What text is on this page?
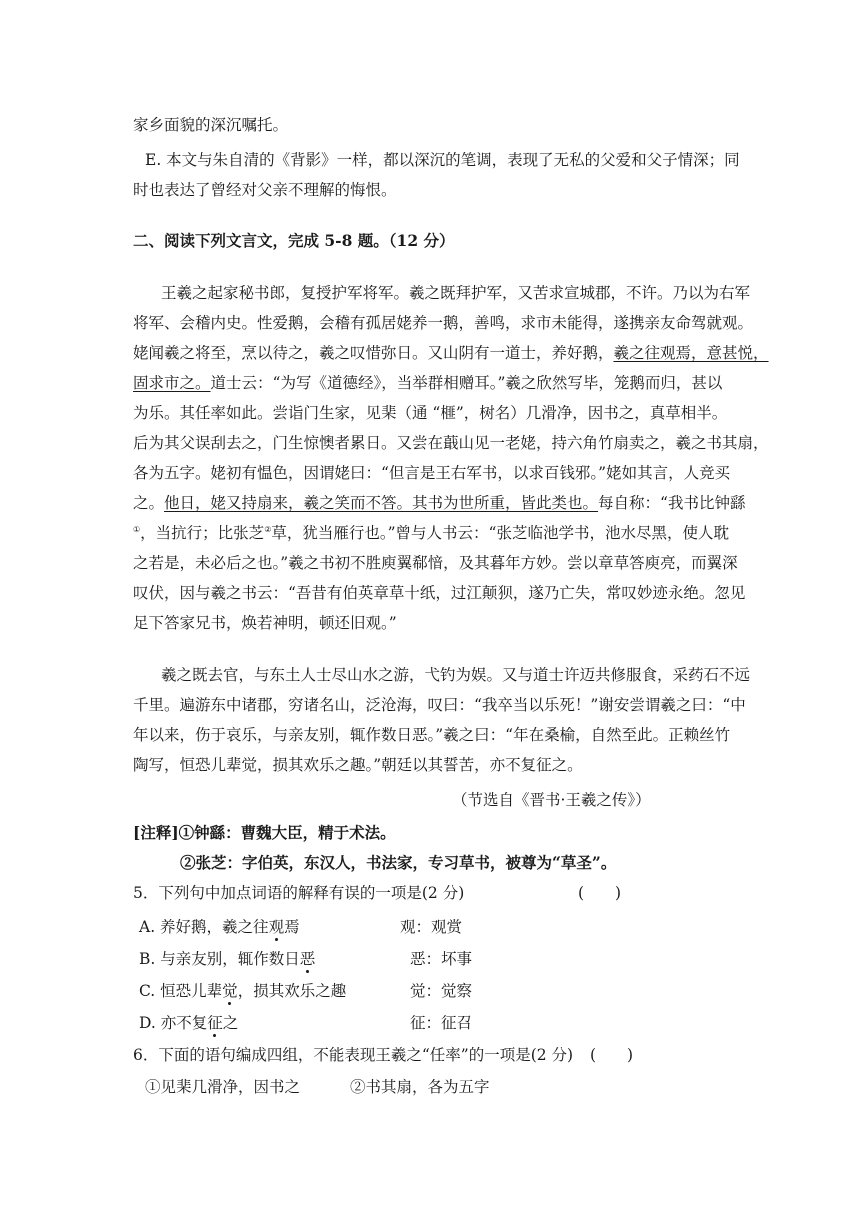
家乡面貌的深沉嘱托。
E. 本文与朱自清的《背影》一样，都以深沉的笔调，表现了无私的父爱和父子情深；同
时也表达了曾经对父亲不理解的悔恨。
二、阅读下列文言文，完成 5-8 题。（12 分）
王羲之起家秘书郎，复授护军将军。羲之既拜护军，又苦求宣城郡，不许。乃以为右军
将军、会稽内史。性爱鹅，会稽有孤居姥养一鹅，善鸣，求市未能得，遂携亲友命驾就观。
姥闻羲之将至，烹以待之，羲之叹惜弥日。又山阴有一道士，养好鹅，羲之往观焉，意甚悦，
固求市之。道士云：“为写《道德经》，当举群相赠耳。”羲之欣然写毕，笼鹅而归，甚以
为乐。其任率如此。尝诣门生家，见棐（通 “榧”，树名）几滑净，因书之，真草相半。
后为其父误刮去之，门生惊懊者累日。又尝在蕺山见一老姥，持六角竹扇卖之，羲之书其扇，
各为五字。姥初有愠色，因谓姥曰：“但言是王右军书，以求百钱邪。”姥如其言，人竞买
之。他日，姥又持扇来，羲之笑而不答。其书为世所重，皆此类也。每自称：“我书比钟繇
①，当抗行；比张芝②草，犹当雁行也。”曾与人书云：“张芝临池学书，池水尽黑，使人耽
之若是，未必后之也。”羲之书初不胜庾翼郗愔，及其暮年方妙。尝以章草答庾亮，而翼深
叹伏，因与羲之书云：“吾昔有伯英章草十纸，过江颠狈，遂乃亡失，常叹妙迹永绝。忽见
足下答家兄书，焕若神明，顿还旧观。”
羲之既去官，与东土人士尽山水之游，弋钓为娱。又与道士许迈共修服食，采药石不远
千里。遍游东中诸郡，穷诸名山，泛沧海，叹曰：“我卒当以乐死！”谢安尝谓羲之曰：“中
年以来，伤于哀乐，与亲友别，辄作数日恶。”羲之曰：“年在桑榆，自然至此。正赖丝竹
陶写，恒恐儿辈觉，损其欢乐之趣。”朝廷以其誓苦，亦不复征之。
（节选自《晋书·王羲之传》）
[注释]①钟繇：曹魏大臣，精于术法。
②张芝：字伯英，东汉人，书法家，专习草书，被尊为“草圣”。
5．下列句中加点词语的解释有误的一项是(2 分)	(　　)
A. 养好鹅，羲之往观焉	观：观赏
B. 与亲友别，辄作数日恶	恶：坏事
C. 恒恐儿辈觉，损其欢乐之趣	觉：觉察
D. 亦不复征之	征：征召
6．下面的语句编成四组，不能表现王羲之“任率”的一项是(2 分) (　　)
①见棐几滑净，因书之	②书其扇，各为五字
